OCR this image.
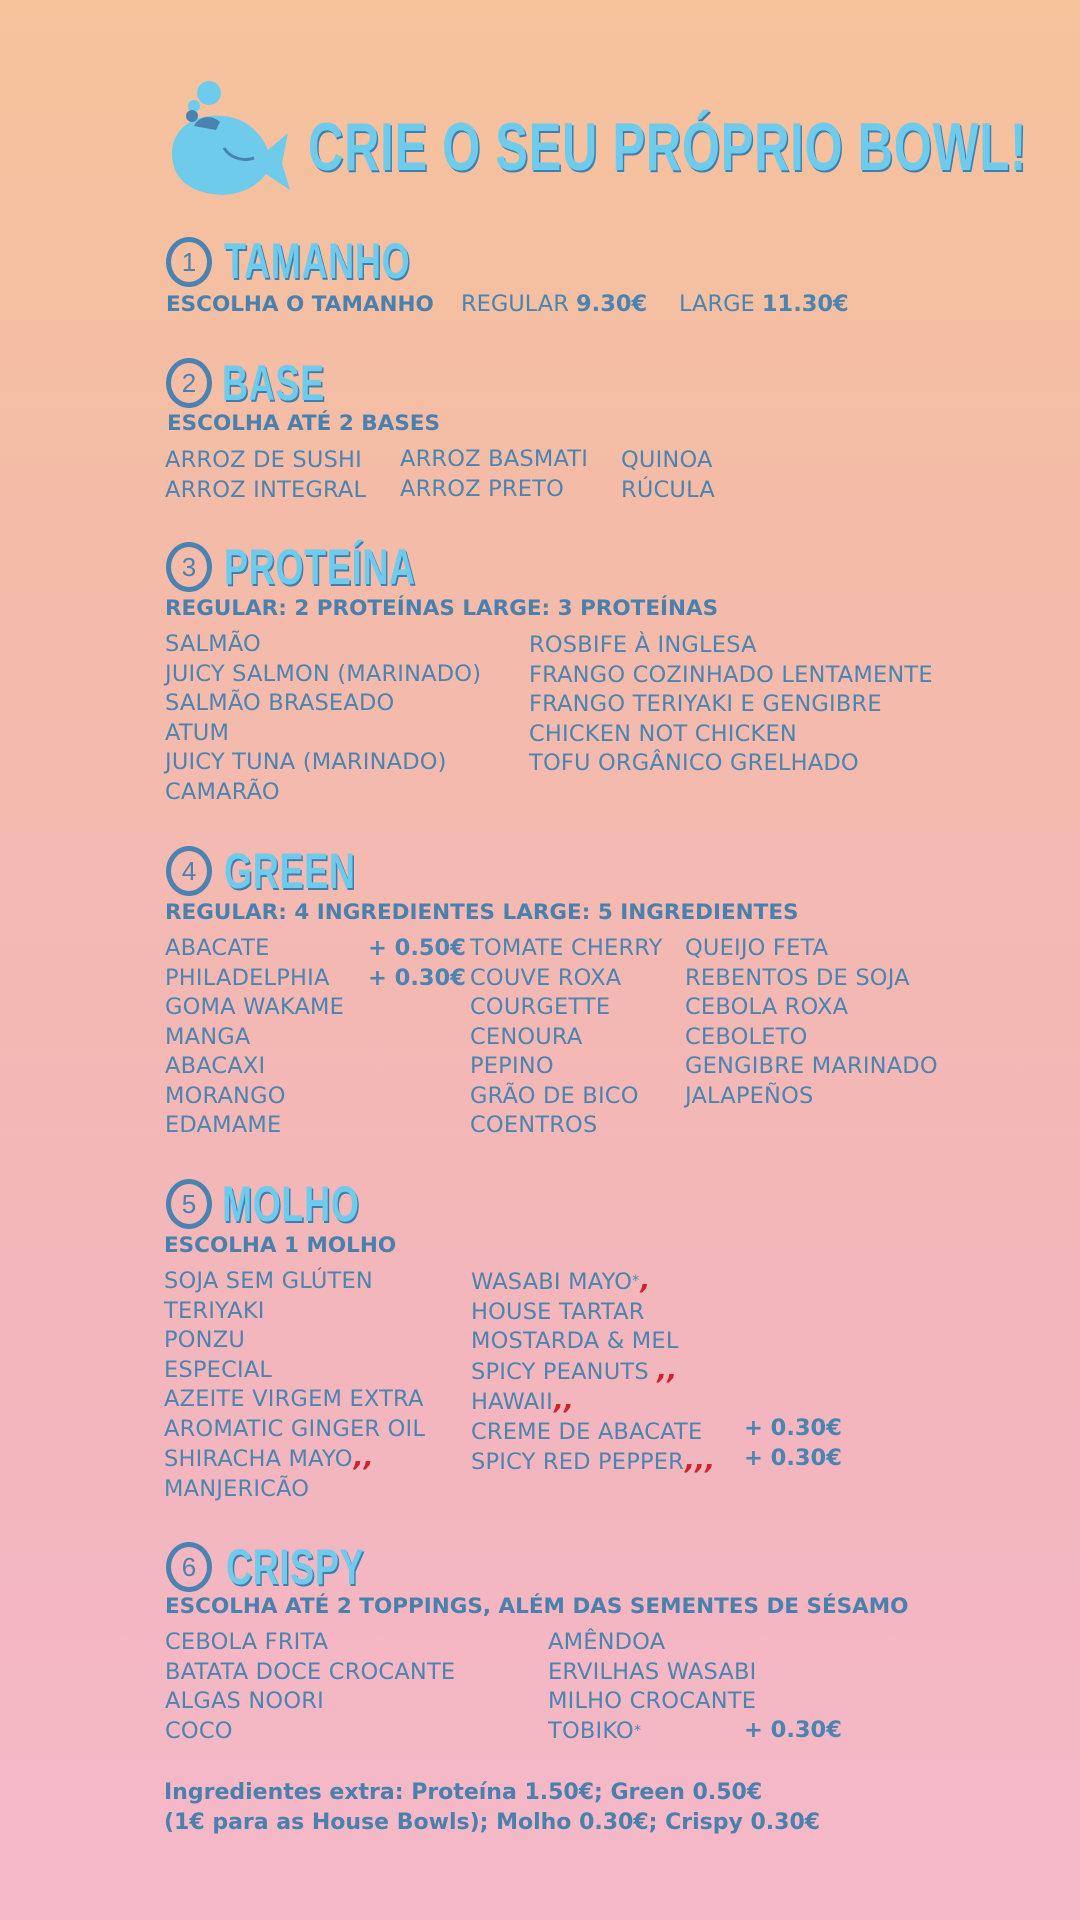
CRIE O SEU PRÓPRIO BOWL!
1 TAMANHO
ESCOLHA O TAMANHO REGULAR 9.30€ LARGE 11.30€
2 BASE
ESCOLHA ATÉ 2 BASES
ARROZ DE SUSHI
ARROZ INTEGRAL
ARROZ BASMATI
ARROZ PRETO
QUINOA
RÚCULA
3 PROTEÍNA
REGULAR: 2 PROTEÍNAS LARGE: 3 PROTEÍNAS
SALMÃO
JUICY SALMON (MARINADO)
SALMÃO BRASEADO
ATUM
JUICY TUNA (MARINADO)
CAMARÃO
ROSBIFE À INGLESA
FRANGO COZINHADO LENTAMENTE
FRANGO TERIYAKI E GENGIBRE
CHICKEN NOT CHICKEN
TOFU ORGÂNICO GRELHADO
4 GREEN
REGULAR: 4 INGREDIENTES LARGE: 5 INGREDIENTES
ABACATE
PHILADELPHIA
GOMA WAKAME
MANGA
ABACAXI
MORANGO
EDAMAME
+ 0.50€
+ 0.30€
TOMATE CHERRY
COUVE ROXA
COURGETTE
CENOURA
PEPINO
GRÃO DE BICO
COENTROS
QUEIJO FETA
REBENTOS DE SOJA
CEBOLA ROXA
CEBOLETO
GENGIBRE MARINADO
JALAPEÑOS
5 MOLHO
ESCOLHA 1 MOLHO
SOJA SEM GLÚTEN
TERIYAKI
PONZU
ESPECIAL
AZEITE VIRGEM EXTRA
AROMATIC GINGER OIL
SHIRACHA MAYO,,
MANJERICÃO
WASABI MAYO*,
HOUSE TARTAR
MOSTARDA & MEL
SPICY PEANUTS ,,
HAWAII,,
CREME DE ABACATE
SPICY RED PEPPER,,,
+ 0.30€
+ 0.30€
6 CRISPY
ESCOLHA ATÉ 2 TOPPINGS, ALÉM DAS SEMENTES DE SÉSAMO
CEBOLA FRITA
BATATA DOCE CROCANTE
ALGAS NOORI
COCO
AMÊNDOA
ERVILHAS WASABI
MILHO CROCANTE
TOBIKO*	+ 0.30€
Ingredientes extra: Proteína 1.50€; Green 0.50€
(1€ para as House Bowls); Molho 0.30€; Crispy 0.30€
